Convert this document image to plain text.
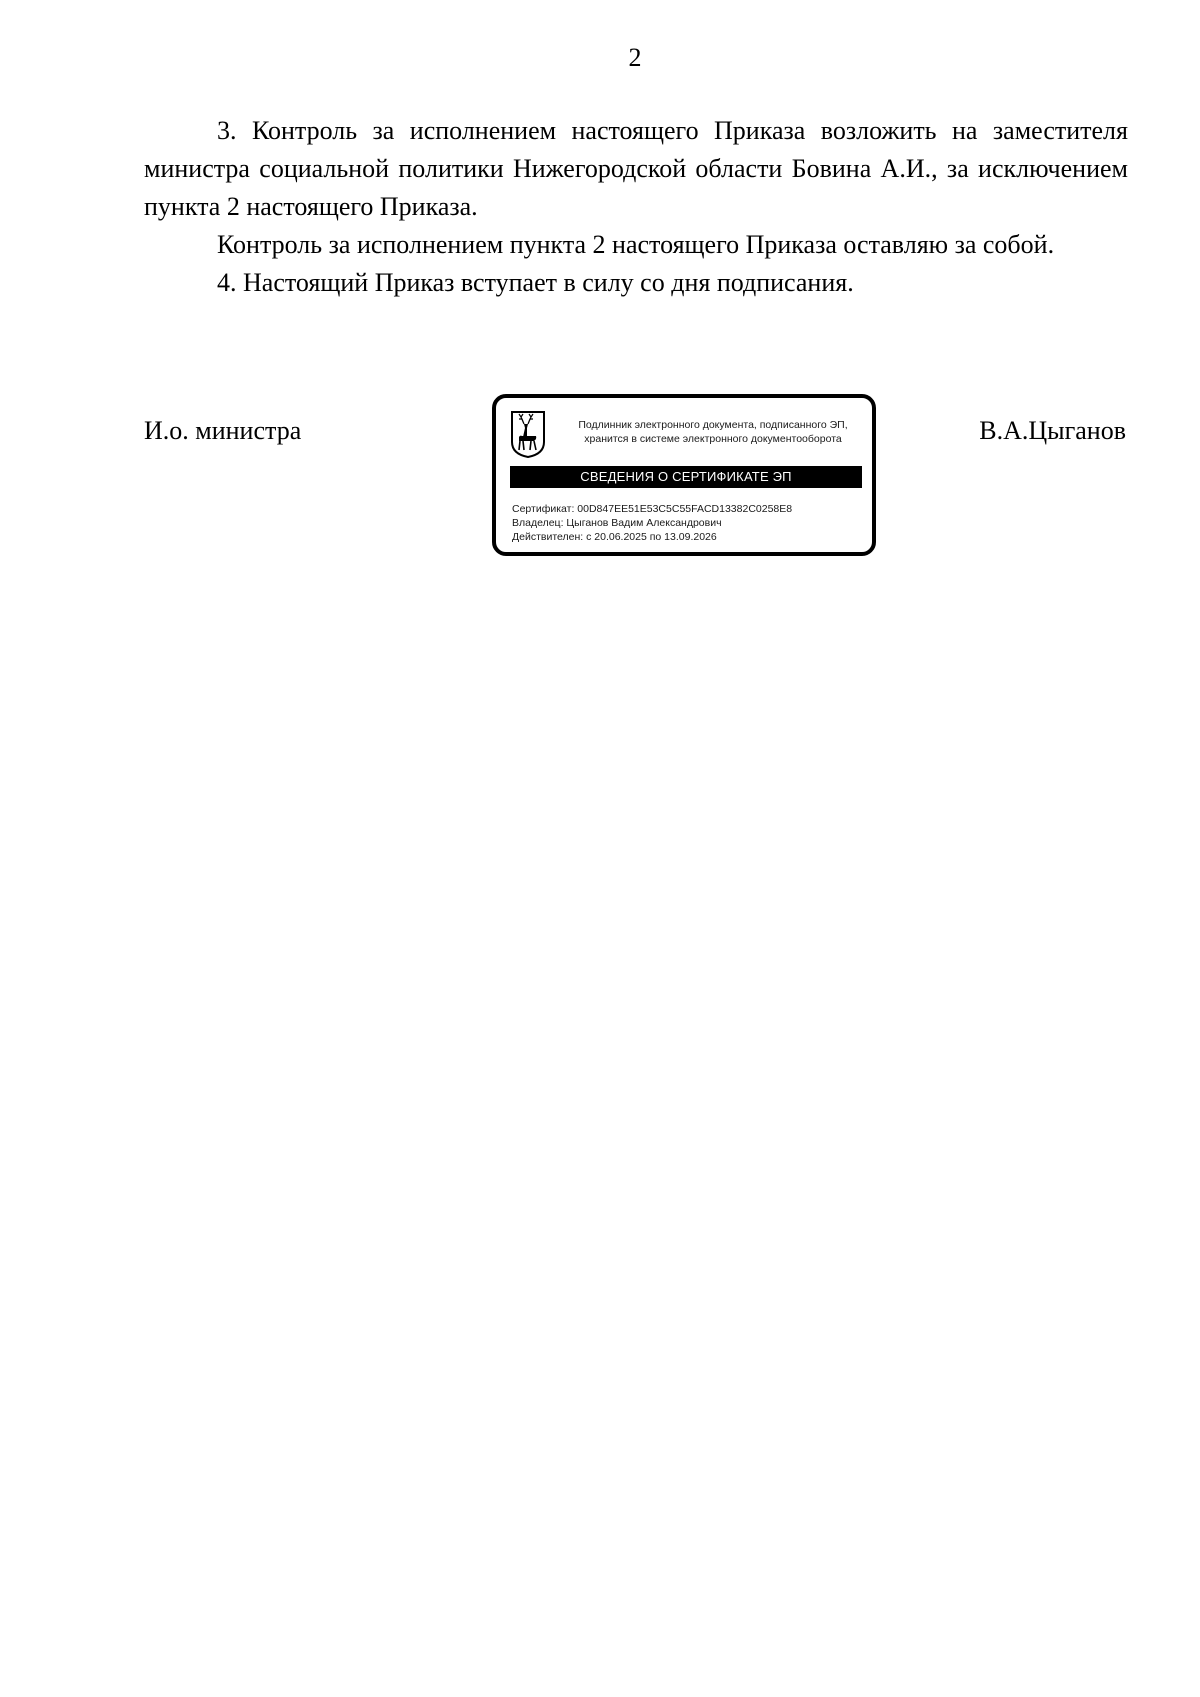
2

3. Контроль за исполнением настоящего Приказа возложить на заместителя министра социальной политики Нижегородской области Бовина А.И., за исключением пункта 2 настоящего Приказа.

Контроль за исполнением пункта 2 настоящего Приказа оставляю за собой.

4. Настоящий Приказ вступает в силу со дня подписания.

И.о. министра	Подлинник электронного документа, подписанного ЭП,
хранится в системе электронного документооборота
СВЕДЕНИЯ О СЕРТИФИКАТЕ ЭП
Сертификат: 00D847EE51E53C5C55FACD13382C0258E8
Владелец: Цыганов Вадим Александрович
Действителен: с 20.06.2025 по 13.09.2026
В.А.Цыганов
